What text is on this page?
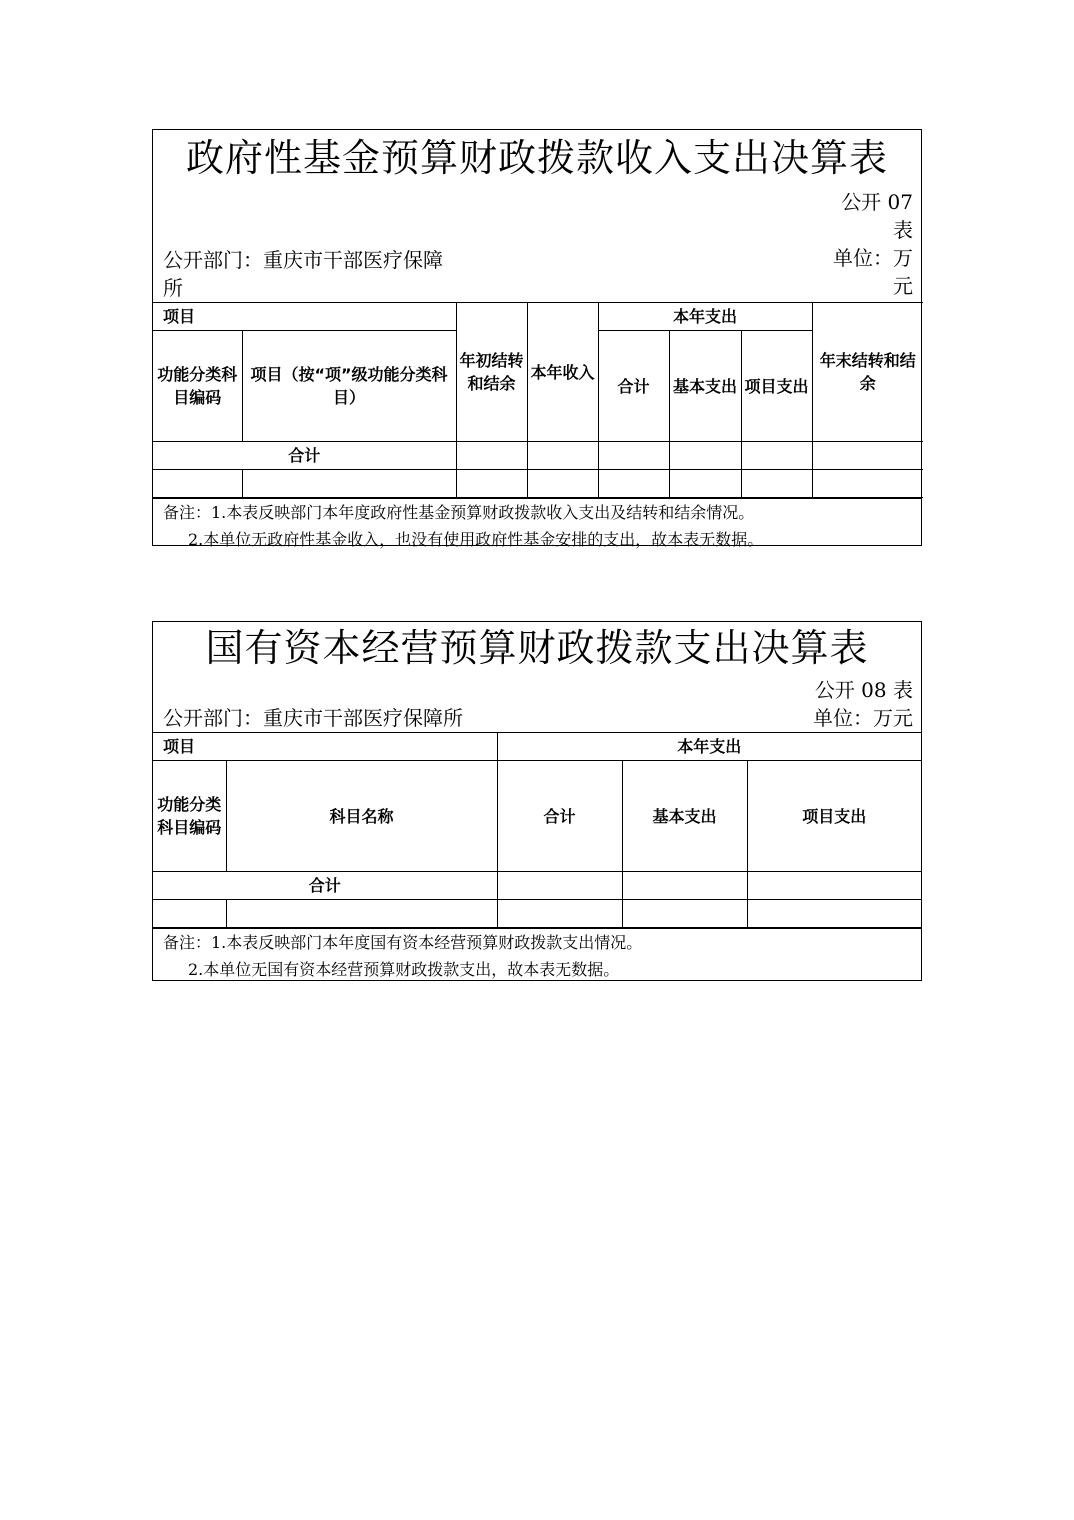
政府性基金预算财政拨款收入支出决算表
公开 07 表
单位：万元
公开部门：重庆市干部医疗保障所
项目		年初结转和结余	本年收入	本年支出			年末结转和结余
功能分类科目编码	项目（按“项”级功能分类科目）			合计	基本支出	项目支出	
合计							

备注：1.本表反映部门本年度政府性基金预算财政拨款收入支出及结转和结余情况。
2.本单位无政府性基金收入，也没有使用政府性基金安排的支出，故本表无数据。
国有资本经营预算财政拨款支出决算表
公开 08 表
单位：万元
公开部门：重庆市干部医疗保障所
项目		本年支出		
功能分类科目编码	科目名称	合计	基本支出	项目支出
合计				

备注：1.本表反映部门本年度国有资本经营预算财政拨款支出情况。
2.本单位无国有资本经营预算财政拨款支出，故本表无数据。
